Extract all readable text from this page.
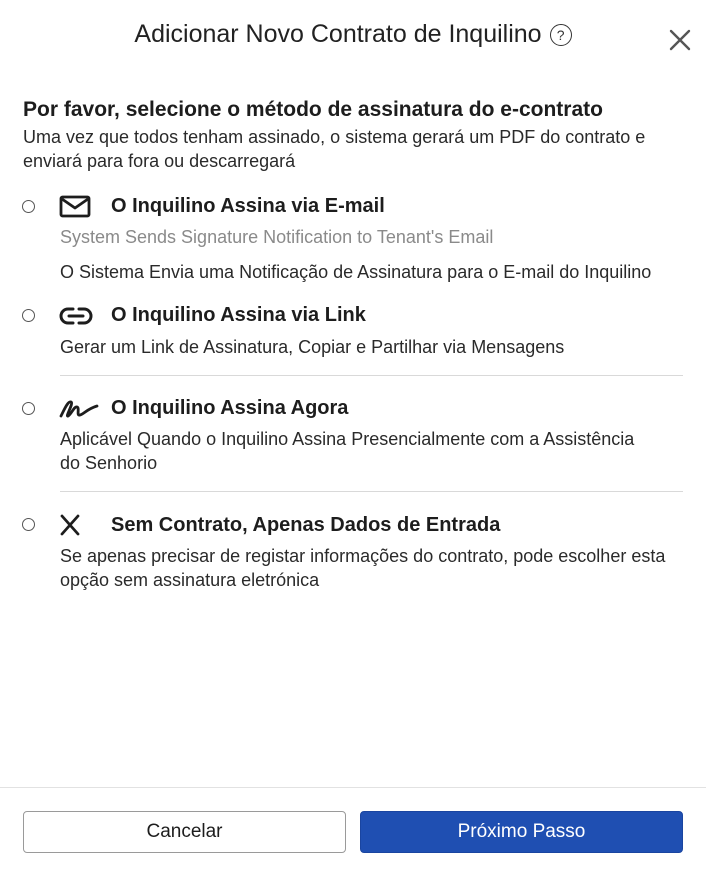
Adicionar Novo Contrato de Inquilino	?
Por favor, selecione o método de assinatura do e-contrato
Uma vez que todos tenham assinado, o sistema gerará um PDF do contrato e enviará para fora ou descarregará
O Inquilino Assina via E-mail
System Sends Signature Notification to Tenant's Email
O Sistema Envia uma Notificação de Assinatura para o E-mail do Inquilino
O Inquilino Assina via Link
Gerar um Link de Assinatura, Copiar e Partilhar via Mensagens
O Inquilino Assina Agora
Aplicável Quando o Inquilino Assina Presencialmente com a Assistência do Senhorio
Sem Contrato, Apenas Dados de Entrada
Se apenas precisar de registar informações do contrato, pode escolher esta opção sem assinatura eletrónica
Cancelar	Próximo Passo
